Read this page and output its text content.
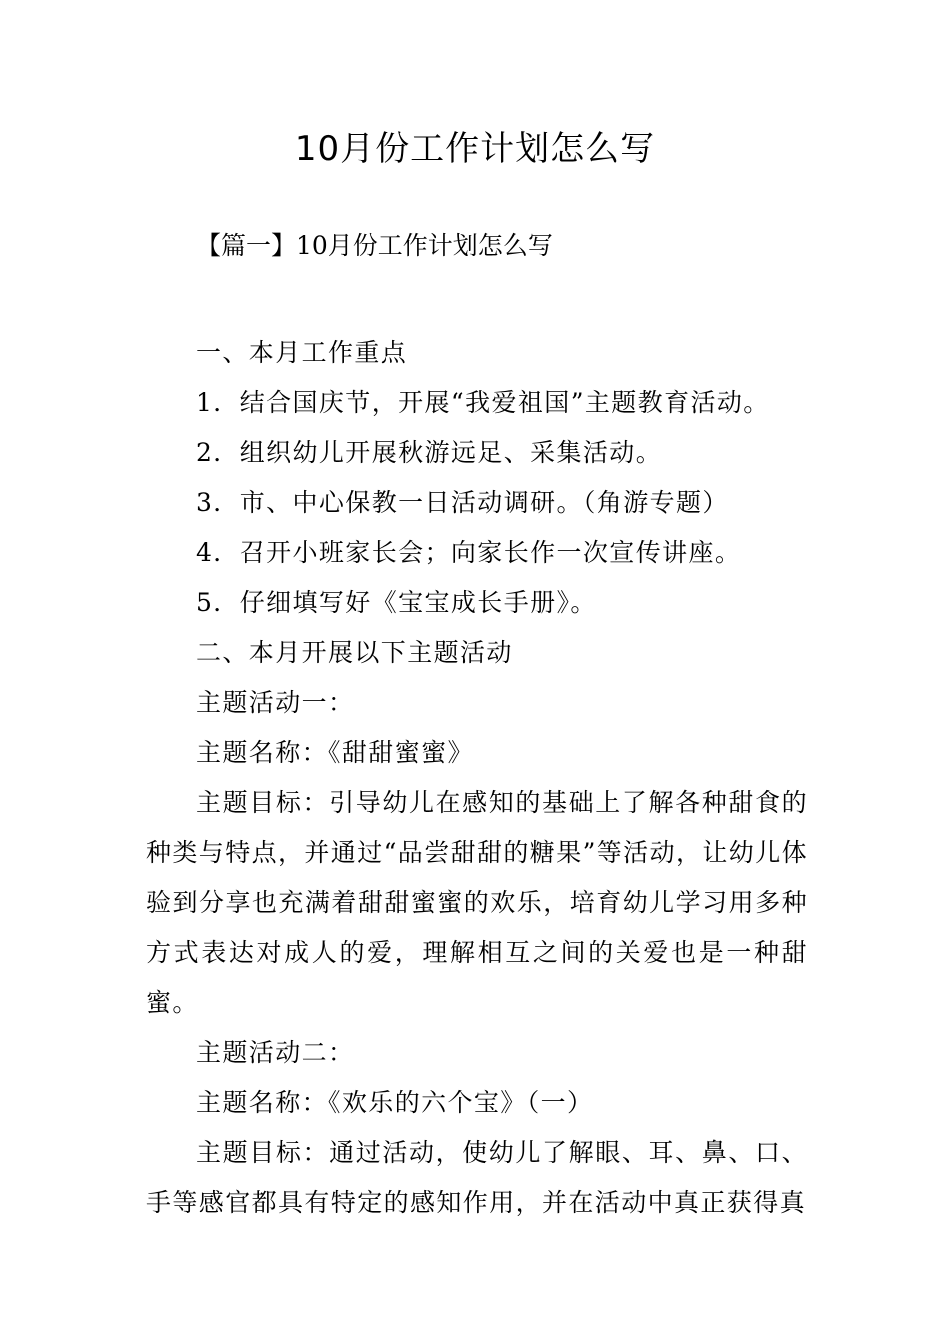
10月份工作计划怎么写
【篇一】10月份工作计划怎么写

一、本月工作重点

1．结合国庆节，开展“我爱祖国”主题教育活动。

2．组织幼儿开展秋游远足、采集活动。

3．市、中心保教一日活动调研。（角游专题）

4．召开小班家长会；向家长作一次宣传讲座。

5．仔细填写好《宝宝成长手册》。

二、本月开展以下主题活动

主题活动一：

主题名称：《甜甜蜜蜜》

主题目标：引导幼儿在感知的基础上了解各种甜食的种类与特点，并通过“品尝甜甜的糖果”等活动，让幼儿体验到分享也充满着甜甜蜜蜜的欢乐，培育幼儿学习用多种方式表达对成人的爱，理解相互之间的关爱也是一种甜蜜。

主题活动二：

主题名称：《欢乐的六个宝》（一）

主题目标：通过活动，使幼儿了解眼、耳、鼻、口、手等感官都具有特定的感知作用，并在活动中真正获得真
